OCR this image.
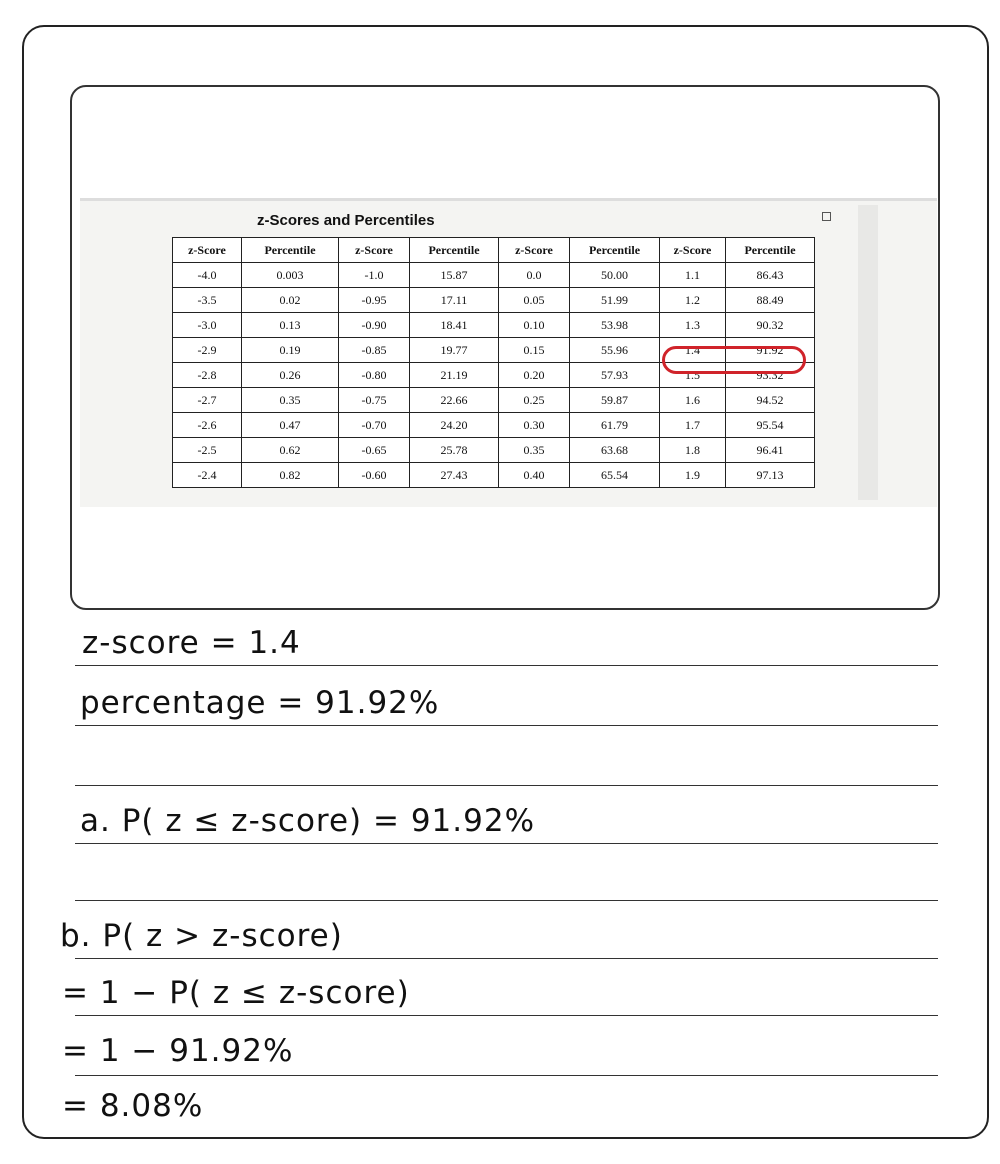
z-Scores and Percentiles
z-Score	Percentile	z-Score	Percentile	z-Score	Percentile	z-Score	Percentile
-4.0	0.003	-1.0	15.87	0.0	50.00	1.1	86.43
-3.5	0.02	-0.95	17.11	0.05	51.99	1.2	88.49
-3.0	0.13	-0.90	18.41	0.10	53.98	1.3	90.32
-2.9	0.19	-0.85	19.77	0.15	55.96	1.4	91.92
-2.8	0.26	-0.80	21.19	0.20	57.93	1.5	93.32
-2.7	0.35	-0.75	22.66	0.25	59.87	1.6	94.52
-2.6	0.47	-0.70	24.20	0.30	61.79	1.7	95.54
-2.5	0.62	-0.65	25.78	0.35	63.68	1.8	96.41
-2.4	0.82	-0.60	27.43	0.40	65.54	1.9	97.13
z-score = 1.4
percentage = 91.92%
a. P( z ≤ z-score) = 91.92%
b. P( z > z-score)
= 1 − P( z ≤ z-score)
= 1 − 91.92%
= 8.08%
